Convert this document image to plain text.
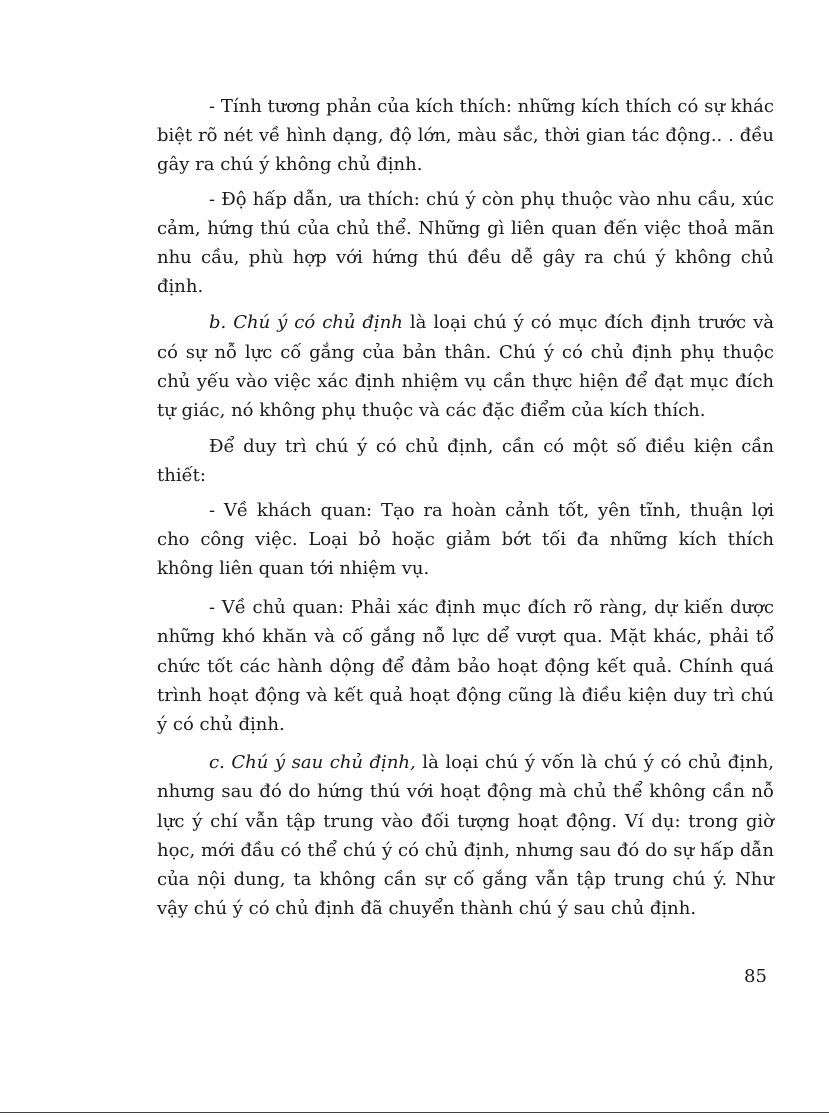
- Tính tương phản của kích thích: những kích thích có sự khác biệt rõ nét về hình dạng, độ lớn, màu sắc, thời gian tác động.. . đều gây ra chú ý không chủ định.

- Độ hấp dẫn, ưa thích: chú ý còn phụ thuộc vào nhu cầu, xúc cảm, hứng thú của chủ thể. Những gì liên quan đến việc thoả mãn nhu cầu, phù hợp với hứng thú đều dễ gây ra chú ý không chủ định.

b. Chú ý có chủ định là loại chú ý có mục đích định trước và có sự nỗ lực cố gắng của bản thân. Chú ý có chủ định phụ thuộc chủ yếu vào việc xác định nhiệm vụ cần thực hiện để đạt mục đích tự giác, nó không phụ thuộc và các đặc điểm của kích thích.

Để duy trì chú ý có chủ định, cần có một số điều kiện cần thiết:

- Về khách quan: Tạo ra hoàn cảnh tốt, yên tĩnh, thuận lợi cho công việc. Loại bỏ hoặc giảm bớt tối đa những kích thích không liên quan tới nhiệm vụ.

- Về chủ quan: Phải xác định mục đích rõ ràng, dự kiến dược những khó khăn và cố gắng nỗ lực dể vượt qua. Mặt khác, phải tổ chức tốt các hành dộng để đảm bảo hoạt động kết quả. Chính quá trình hoạt động và kết quả hoạt động cũng là điều kiện duy trì chú ý có chủ định.

c. Chú ý sau chủ định, là loại chú ý vốn là chú ý có chủ định, nhưng sau đó do hứng thú với hoạt động mà chủ thể không cần nỗ lực ý chí vẫn tập trung vào đối tượng hoạt động. Ví dụ: trong giờ học, mới đầu có thể chú ý có chủ định, nhưng sau đó do sự hấp dẫn của nội dung, ta không cần sự cố gắng vẫn tập trung chú ý. Như vậy chú ý có chủ định đã chuyển thành chú ý sau chủ định.

85
